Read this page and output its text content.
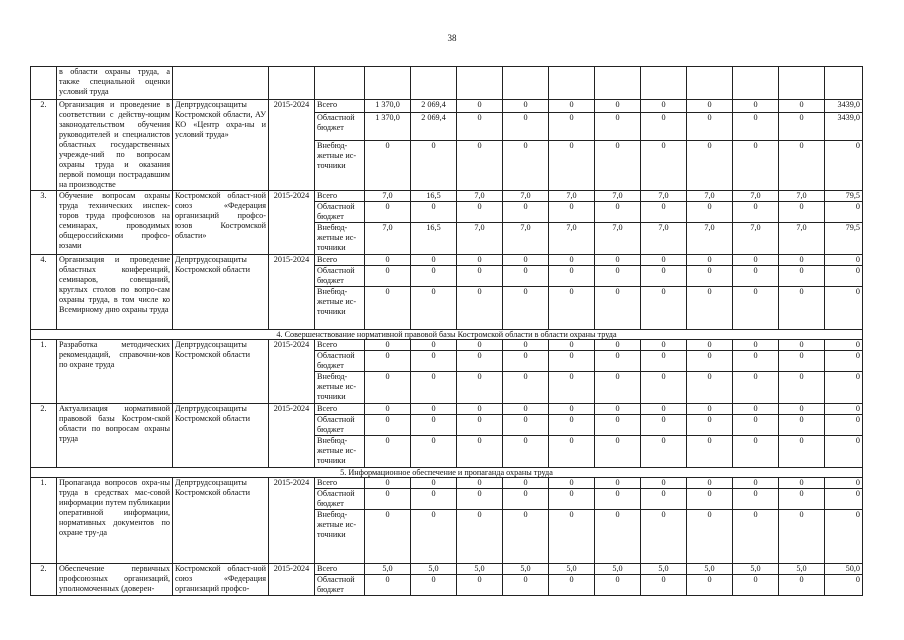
38
	в области охраны труда, а также специальной оценки условий труда														
2.	Организация и проведение в соответствии с действу-ющим законодательством обучения руководителей и специалистов областных государственных учрежде-ний по вопросам охраны труда и оказания первой помощи пострадавшим на производстве	Депртрудсоцзащиты Костромской области, АУ КО «Центр охра-ны и условий труда»	2015-2024	Всего	1 370,0	2 069,4	0	0	0	0	0	0	0	0	3439,0
				Областной бюджет	1 370,0	2 069,4	0	0	0	0	0	0	0	0	3439,0
				Внебюд-жетные ис-точники	0	0	0	0	0	0	0	0	0	0	0
3.	Обучение вопросам охраны труда технических инспек-торов труда профсоюзов на семинарах, проводимых общероссийскими профсо-юзами	Костромской област-ной союз «Федерация организаций профсо-юзов Костромской области»	2015-2024	Всего	7,0	16,5	7,0	7,0	7,0	7,0	7,0	7,0	7,0	7,0	79,5
				Областной бюджет	0	0	0	0	0	0	0	0	0	0	0
				Внебюд-жетные ис-точники	7,0	16,5	7,0	7,0	7,0	7,0	7,0	7,0	7,0	7,0	79,5
4.	Организация и проведение областных конференций, семинаров, совещаний, круглых столов по вопро-сам охраны труда, в том числе ко Всемирному дню охраны труда	Депртрудсоцзащиты Костромской области	2015-2024	Всего	0	0	0	0	0	0	0	0	0	0	0
				Областной бюджет	0	0	0	0	0	0	0	0	0	0	0
				Внебюд-жетные ис-точники	0	0	0	0	0	0	0	0	0	0	0
4. Совершенствование нормативной правовой базы Костромской области в области охраны труда															
1.	Разработка методических рекомендаций, справочни-ков по охране труда	Депртрудсоцзащиты Костромской области	2015-2024	Всего	0	0	0	0	0	0	0	0	0	0	0
				Областной бюджет	0	0	0	0	0	0	0	0	0	0	0
				Внебюд-жетные ис-точники	0	0	0	0	0	0	0	0	0	0	0
2.	Актуализация нормативной правовой базы Костром-ской области по вопросам охраны труда	Депртрудсоцзащиты Костромской области	2015-2024	Всего	0	0	0	0	0	0	0	0	0	0	0
				Областной бюджет	0	0	0	0	0	0	0	0	0	0	0
				Внебюд-жетные ис-точники	0	0	0	0	0	0	0	0	0	0	0
5. Информационное обеспечение и пропаганда охраны труда															
1.	Пропаганда вопросов охра-ны труда в средствах мас-совой информации путем публикации оперативной информации, нормативных документов по охране тру-да	Депртрудсоцзащиты Костромской области	2015-2024	Всего	0	0	0	0	0	0	0	0	0	0	0
				Областной бюджет	0	0	0	0	0	0	0	0	0	0	0
				Внебюд-жетные ис-точники	0	0	0	0	0	0	0	0	0	0	0
2.	Обеспечение первичных профсоюзных организаций, уполномоченных (доверен-	Костромской област-ной союз «Федерация организаций профсо-	2015-2024	Всего	5,0	5,0	5,0	5,0	5,0	5,0	5,0	5,0	5,0	5,0	50,0
				Областной бюджет	0	0	0	0	0	0	0	0	0	0	0
